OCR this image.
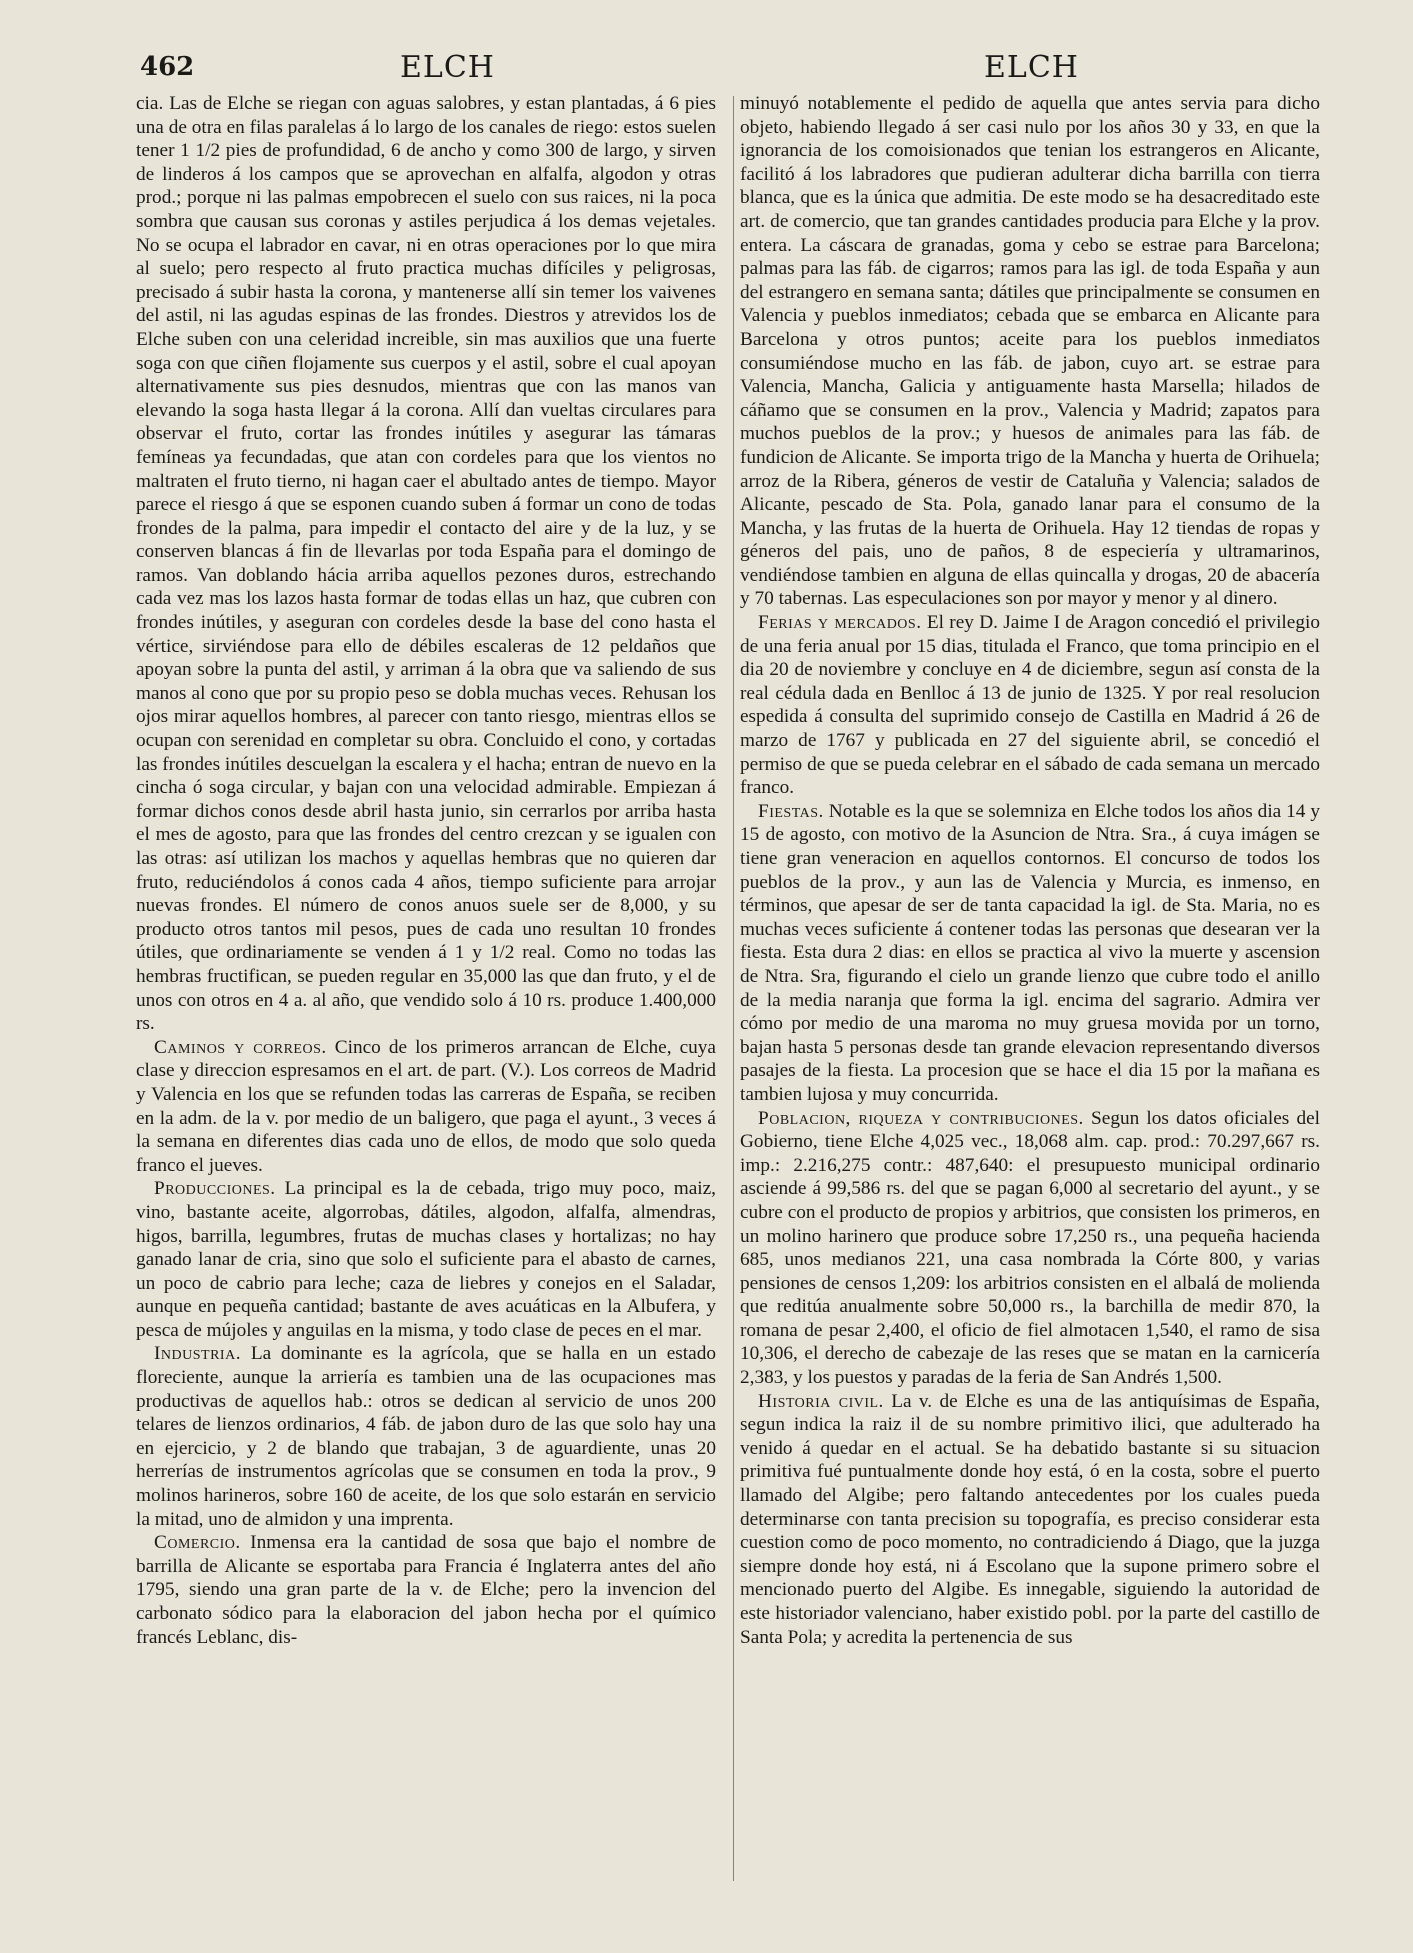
462	ELCH	ELCH

cia. Las de Elche se riegan con aguas salobres, y estan plantadas, á 6 pies una de otra en filas paralelas á lo largo de los canales de riego: estos suelen tener 1 1/2 pies de profundidad, 6 de ancho y como 300 de largo, y sirven de linderos á los campos que se aprovechan en alfalfa, algodon y otras prod.; porque ni las palmas empobrecen el suelo con sus raices, ni la poca sombra que causan sus coronas y astiles perjudica á los demas vejetales. No se ocupa el labrador en cavar, ni en otras operaciones por lo que mira al suelo; pero respecto al fruto practica muchas difíciles y peligrosas, precisado á subir hasta la corona, y mantenerse allí sin temer los vaivenes del astil, ni las agudas espinas de las frondes. Diestros y atrevidos los de Elche suben con una celeridad increible, sin mas auxilios que una fuerte soga con que ciñen flojamente sus cuerpos y el astil, sobre el cual apoyan alternativamente sus pies desnudos, mientras que con las manos van elevando la soga hasta llegar á la corona. Allí dan vueltas circulares para observar el fruto, cortar las frondes inútiles y asegurar las támaras femíneas ya fecundadas, que atan con cordeles para que los vientos no maltraten el fruto tierno, ni hagan caer el abultado antes de tiempo. Mayor parece el riesgo á que se esponen cuando suben á formar un cono de todas frondes de la palma, para impedir el contacto del aire y de la luz, y se conserven blancas á fin de llevarlas por toda España para el domingo de ramos. Van doblando hácia arriba aquellos pezones duros, estrechando cada vez mas los lazos hasta formar de todas ellas un haz, que cubren con frondes inútiles, y aseguran con cordeles desde la base del cono hasta el vértice, sirviéndose para ello de débiles escaleras de 12 peldaños que apoyan sobre la punta del astil, y arriman á la obra que va saliendo de sus manos al cono que por su propio peso se dobla muchas veces. Rehusan los ojos mirar aquellos hombres, al parecer con tanto riesgo, mientras ellos se ocupan con serenidad en completar su obra. Concluido el cono, y cortadas las frondes inútiles descuelgan la escalera y el hacha; entran de nuevo en la cincha ó soga circular, y bajan con una velocidad admirable. Empiezan á formar dichos conos desde abril hasta junio, sin cerrarlos por arriba hasta el mes de agosto, para que las frondes del centro crezcan y se igualen con las otras: así utilizan los machos y aquellas hembras que no quieren dar fruto, reduciéndolos á conos cada 4 años, tiempo suficiente para arrojar nuevas frondes. El número de conos anuos suele ser de 8,000, y su producto otros tantos mil pesos, pues de cada uno resultan 10 frondes útiles, que ordinariamente se venden á 1 y 1/2 real. Como no todas las hembras fructifican, se pueden regular en 35,000 las que dan fruto, y el de unos con otros en 4 a. al año, que vendido solo á 10 rs. produce 1.400,000 rs.

Caminos y correos. Cinco de los primeros arrancan de Elche, cuya clase y direccion espresamos en el art. de part. (V.). Los correos de Madrid y Valencia en los que se refunden todas las carreras de España, se reciben en la adm. de la v. por medio de un baligero, que paga el ayunt., 3 veces á la semana en diferentes dias cada uno de ellos, de modo que solo queda franco el jueves.

Producciones. La principal es la de cebada, trigo muy poco, maiz, vino, bastante aceite, algorrobas, dátiles, algodon, alfalfa, almendras, higos, barrilla, legumbres, frutas de muchas clases y hortalizas; no hay ganado lanar de cria, sino que solo el suficiente para el abasto de carnes, un poco de cabrio para leche; caza de liebres y conejos en el Saladar, aunque en pequeña cantidad; bastante de aves acuáticas en la Albufera, y pesca de mújoles y anguilas en la misma, y todo clase de peces en el mar.

Industria. La dominante es la agrícola, que se halla en un estado floreciente, aunque la arriería es tambien una de las ocupaciones mas productivas de aquellos hab.: otros se dedican al servicio de unos 200 telares de lienzos ordinarios, 4 fáb. de jabon duro de las que solo hay una en ejercicio, y 2 de blando que trabajan, 3 de aguardiente, unas 20 herrerías de instrumentos agrícolas que se consumen en toda la prov., 9 molinos harineros, sobre 160 de aceite, de los que solo estarán en servicio la mitad, uno de almidon y una imprenta.

Comercio. Inmensa era la cantidad de sosa que bajo el nombre de barrilla de Alicante se esportaba para Francia é Inglaterra antes del año 1795, siendo una gran parte de la v. de Elche; pero la invencion del carbonato sódico para la elaboracion del jabon hecha por el químico francés Leblanc, dis-

minuyó notablemente el pedido de aquella que antes servia para dicho objeto, habiendo llegado á ser casi nulo por los años 30 y 33, en que la ignorancia de los comoisionados que tenian los estrangeros en Alicante, facilitó á los labradores que pudieran adulterar dicha barrilla con tierra blanca, que es la única que admitia. De este modo se ha desacreditado este art. de comercio, que tan grandes cantidades producia para Elche y la prov. entera. La cáscara de granadas, goma y cebo se estrae para Barcelona; palmas para las fáb. de cigarros; ramos para las igl. de toda España y aun del estrangero en semana santa; dátiles que principalmente se consumen en Valencia y pueblos inmediatos; cebada que se embarca en Alicante para Barcelona y otros puntos; aceite para los pueblos inmediatos consumiéndose mucho en las fáb. de jabon, cuyo art. se estrae para Valencia, Mancha, Galicia y antiguamente hasta Marsella; hilados de cáñamo que se consumen en la prov., Valencia y Madrid; zapatos para muchos pueblos de la prov.; y huesos de animales para las fáb. de fundicion de Alicante. Se importa trigo de la Mancha y huerta de Orihuela; arroz de la Ribera, géneros de vestir de Cataluña y Valencia; salados de Alicante, pescado de Sta. Pola, ganado lanar para el consumo de la Mancha, y las frutas de la huerta de Orihuela. Hay 12 tiendas de ropas y géneros del pais, uno de paños, 8 de especiería y ultramarinos, vendiéndose tambien en alguna de ellas quincalla y drogas, 20 de abacería y 70 tabernas. Las especulaciones son por mayor y menor y al dinero.

Ferias y mercados. El rey D. Jaime I de Aragon concedió el privilegio de una feria anual por 15 dias, titulada el Franco, que toma principio en el dia 20 de noviembre y concluye en 4 de diciembre, segun así consta de la real cédula dada en Benlloc á 13 de junio de 1325. Y por real resolucion espedida á consulta del suprimido consejo de Castilla en Madrid á 26 de marzo de 1767 y publicada en 27 del siguiente abril, se concedió el permiso de que se pueda celebrar en el sábado de cada semana un mercado franco.

Fiestas. Notable es la que se solemniza en Elche todos los años dia 14 y 15 de agosto, con motivo de la Asuncion de Ntra. Sra., á cuya imágen se tiene gran veneracion en aquellos contornos. El concurso de todos los pueblos de la prov., y aun las de Valencia y Murcia, es inmenso, en términos, que apesar de ser de tanta capacidad la igl. de Sta. Maria, no es muchas veces suficiente á contener todas las personas que desearan ver la fiesta. Esta dura 2 dias: en ellos se practica al vivo la muerte y ascension de Ntra. Sra, figurando el cielo un grande lienzo que cubre todo el anillo de la media naranja que forma la igl. encima del sagrario. Admira ver cómo por medio de una maroma no muy gruesa movida por un torno, bajan hasta 5 personas desde tan grande elevacion representando diversos pasajes de la fiesta. La procesion que se hace el dia 15 por la mañana es tambien lujosa y muy concurrida.

Poblacion, riqueza y contribuciones. Segun los datos oficiales del Gobierno, tiene Elche 4,025 vec., 18,068 alm. cap. prod.: 70.297,667 rs. imp.: 2.216,275 contr.: 487,640: el presupuesto municipal ordinario asciende á 99,586 rs. del que se pagan 6,000 al secretario del ayunt., y se cubre con el producto de propios y arbitrios, que consisten los primeros, en un molino harinero que produce sobre 17,250 rs., una pequeña hacienda 685, unos medianos 221, una casa nombrada la Córte 800, y varias pensiones de censos 1,209: los arbitrios consisten en el albalá de molienda que reditúa anualmente sobre 50,000 rs., la barchilla de medir 870, la romana de pesar 2,400, el oficio de fiel almotacen 1,540, el ramo de sisa 10,306, el derecho de cabezaje de las reses que se matan en la carnicería 2,383, y los puestos y paradas de la feria de San Andrés 1,500.

Historia civil. La v. de Elche es una de las antiquísimas de España, segun indica la raiz il de su nombre primitivo ilici, que adulterado ha venido á quedar en el actual. Se ha debatido bastante si su situacion primitiva fué puntualmente donde hoy está, ó en la costa, sobre el puerto llamado del Algibe; pero faltando antecedentes por los cuales pueda determinarse con tanta precision su topografía, es preciso considerar esta cuestion como de poco momento, no contradiciendo á Diago, que la juzga siempre donde hoy está, ni á Escolano que la supone primero sobre el mencionado puerto del Algibe. Es innegable, siguiendo la autoridad de este historiador valenciano, haber existido pobl. por la parte del castillo de Santa Pola; y acredita la pertenencia de sus
